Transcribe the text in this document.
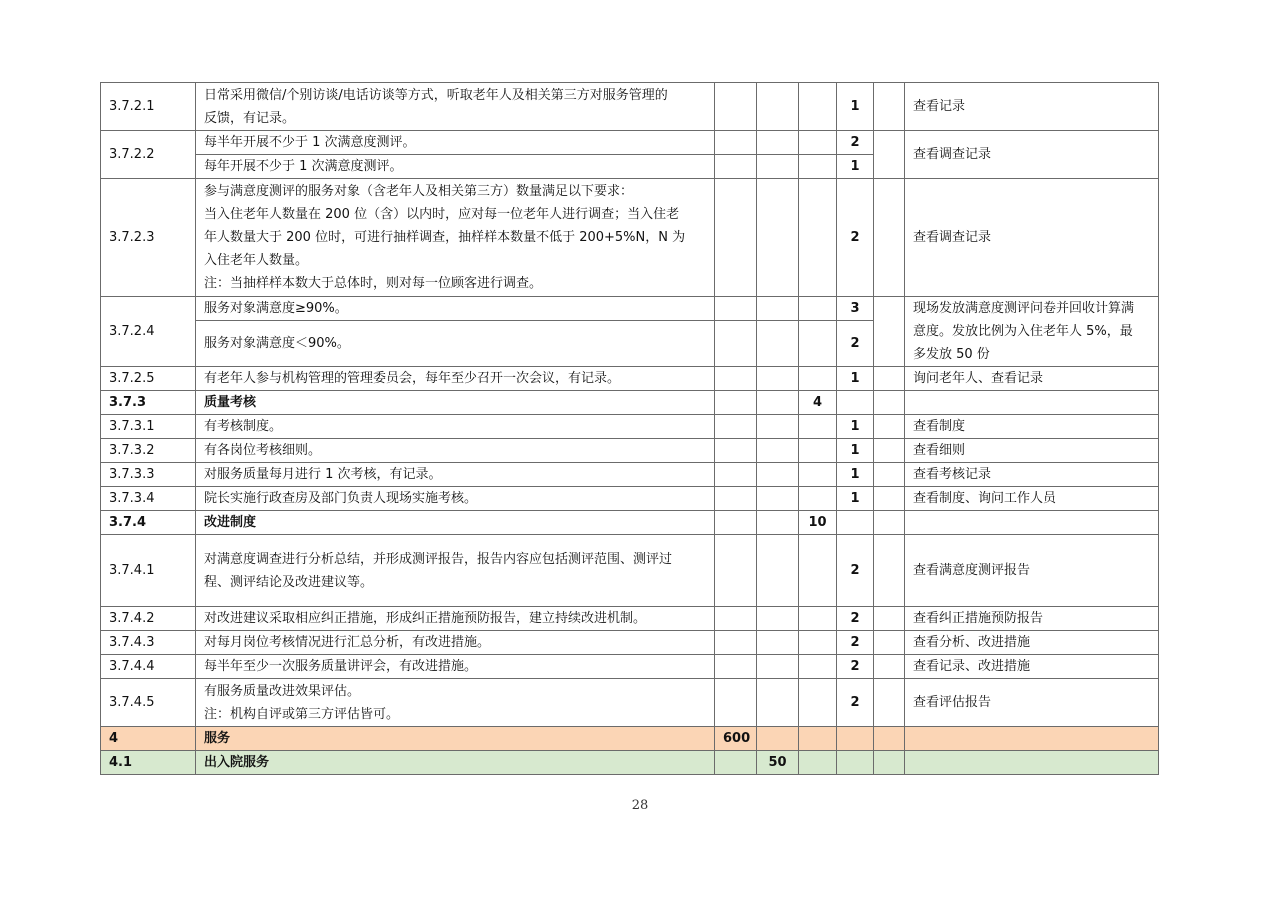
3.7.2.1	日常采用微信/个别访谈/电话访谈等方式，听取老年人及相关第三方对服务管理的
反馈，有记录。				1		查看记录
3.7.2.2	每半年开展不少于 1 次满意度测评。				2		查看调查记录
	每年开展不少于 1 次满意度测评。				1		
3.7.2.3	参与满意度测评的服务对象（含老年人及相关第三方）数量满足以下要求：
当入住老年人数量在 200 位（含）以内时，应对每一位老年人进行调查；当入住老
年人数量大于 200 位时，可进行抽样调查，抽样样本数量不低于 200+5%N，N 为
入住老年人数量。
注：当抽样样本数大于总体时，则对每一位顾客进行调查。				2		查看调查记录
3.7.2.4	服务对象满意度≥90%。				3		现场发放满意度测评问卷并回收计算满
意度。发放比例为入住老年人 5%，最
多发放 50 份

	服务对象满意度＜90%。				2		
3.7.2.5	有老年人参与机构管理的管理委员会，每年至少召开一次会议，有记录。				1		询问老年人、查看记录
3.7.3	质量考核			4			
3.7.3.1	有考核制度。				1		查看制度
3.7.3.2	有各岗位考核细则。				1		查看细则
3.7.3.3	对服务质量每月进行 1 次考核，有记录。				1		查看考核记录
3.7.3.4	院长实施行政查房及部门负责人现场实施考核。				1		查看制度、询问工作人员
3.7.4	改进制度			10			
3.7.4.1	对满意度调查进行分析总结，并形成测评报告，报告内容应包括测评范围、测评过
程、测评结论及改进建议等。				2		查看满意度测评报告
3.7.4.2	对改进建议采取相应纠正措施，形成纠正措施预防报告，建立持续改进机制。				2		查看纠正措施预防报告
3.7.4.3	对每月岗位考核情况进行汇总分析，有改进措施。				2		查看分析、改进措施
3.7.4.4	每半年至少一次服务质量讲评会，有改进措施。				2		查看记录、改进措施
3.7.4.5	有服务质量改进效果评估。
注：机构自评或第三方评估皆可。				2		查看评估报告
4	服务	600					
4.1	出入院服务		50				
28
